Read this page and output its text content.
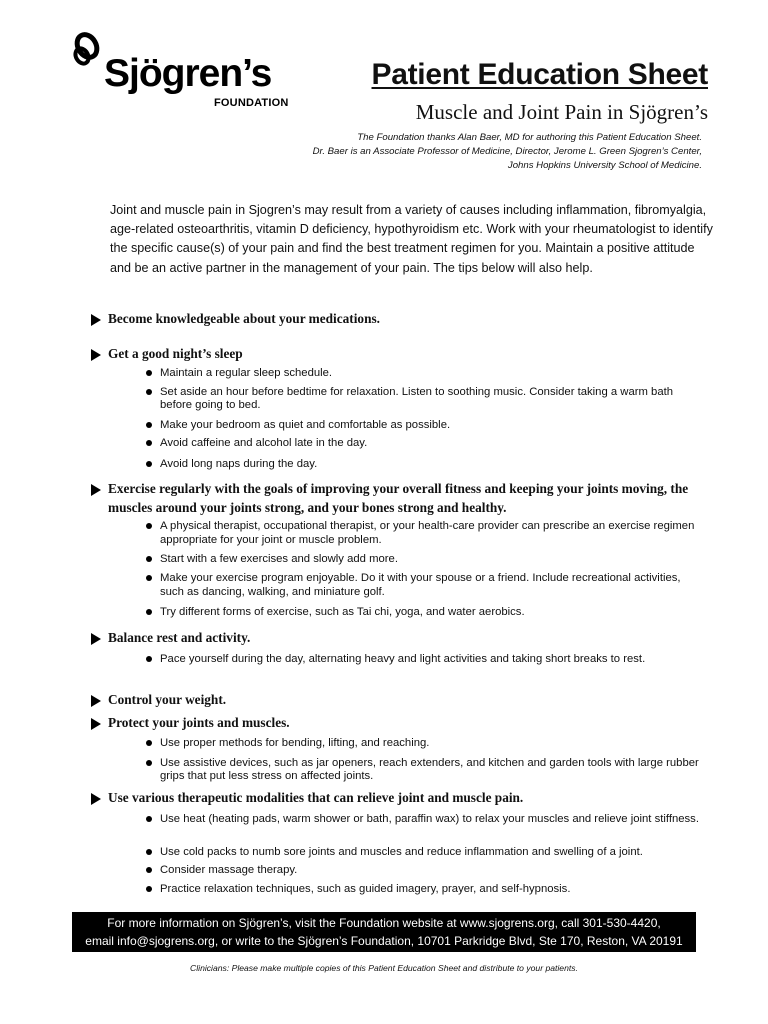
Sjögren’s
FOUNDATION
Patient Education Sheet
Muscle and Joint Pain in Sjögren’s
The Foundation thanks Alan Baer, MD for authoring this Patient Education Sheet.
Dr. Baer is an Associate Professor of Medicine, Director, Jerome L. Green Sjogren’s Center,
Johns Hopkins University School of Medicine.
Joint and muscle pain in Sjogren’s may result from a variety of causes including inflammation, fibromyalgia, age-related osteoarthritis, vitamin D deficiency, hypothyroidism etc. Work with your rheumatologist to identify the specific cause(s) of your pain and find the best treatment regimen for you. Maintain a positive attitude and be an active partner in the management of your pain. The tips below will also help.
Become knowledgeable about your medications.
Get a good night’s sleep
Maintain a regular sleep schedule.
Set aside an hour before bedtime for relaxation. Listen to soothing music. Consider taking a warm bath before going to bed.
Make your bedroom as quiet and comfortable as possible.
Avoid caffeine and alcohol late in the day.
Avoid long naps during the day.
Exercise regularly with the goals of improving your overall fitness and keeping your joints moving, the muscles around your joints strong, and your bones strong and healthy.
A physical therapist, occupational therapist, or your health-care provider can prescribe an exercise regimen appropriate for your joint or muscle problem.
Start with a few exercises and slowly add more.
Make your exercise program enjoyable. Do it with your spouse or a friend. Include recreational activities, such as dancing, walking, and miniature golf.
Try different forms of exercise, such as Tai chi, yoga, and water aerobics.
Balance rest and activity.
Pace yourself during the day, alternating heavy and light activities and taking short breaks to rest.
Control your weight.
Protect your joints and muscles.
Use proper methods for bending, lifting, and reaching.
Use assistive devices, such as jar openers, reach extenders, and kitchen and garden tools with large rubber grips that put less stress on affected joints.
Use various therapeutic modalities that can relieve joint and muscle pain.
Use heat (heating pads, warm shower or bath, paraffin wax) to relax your muscles and relieve joint stiffness.
Use cold packs to numb sore joints and muscles and reduce inflammation and swelling of a joint.
Consider massage therapy.
Practice relaxation techniques, such as guided imagery, prayer, and self-hypnosis.
For more information on Sjögren’s, visit the Foundation website at www.sjogrens.org, call 301-530-4420,
email info@sjogrens.org, or write to the Sjögren’s Foundation, 10701 Parkridge Blvd, Ste 170, Reston, VA 20191
Clinicians: Please make multiple copies of this Patient Education Sheet and distribute to your patients.
